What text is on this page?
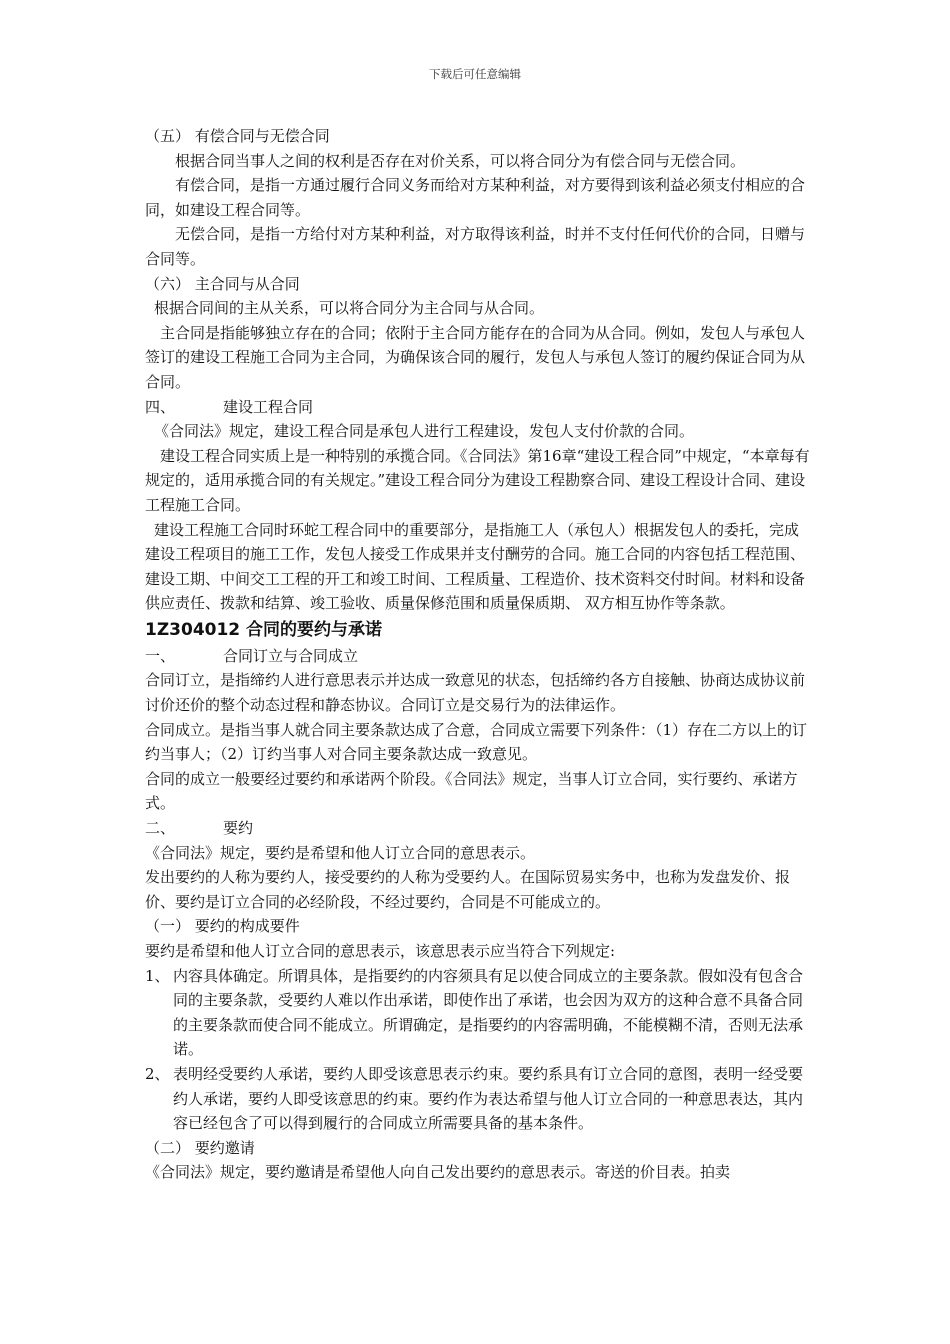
下载后可任意编辑

（五） 有偿合同与无偿合同

根据合同当事人之间的权利是否存在对价关系，可以将合同分为有偿合同与无偿合同。

有偿合同，是指一方通过履行合同义务而给对方某种利益，对方要得到该利益必须支付相应的合同，如建设工程合同等。

无偿合同，是指一方给付对方某种利益，对方取得该利益，时并不支付任何代价的合同，日赠与合同等。

（六） 主合同与从合同

根据合同间的主从关系，可以将合同分为主合同与从合同。

主合同是指能够独立存在的合同；依附于主合同方能存在的合同为从合同。例如，发包人与承包人签订的建设工程施工合同为主合同，为确保该合同的履行，发包人与承包人签订的履约保证合同为从合同。

四、	建设工程合同

《合同法》规定，建设工程合同是承包人进行工程建设，发包人支付价款的合同。

建设工程合同实质上是一种特别的承揽合同。《合同法》第16章“建设工程合同”中规定，“本章每有规定的，适用承揽合同的有关规定。”建设工程合同分为建设工程勘察合同、建设工程设计合同、建设工程施工合同。

建设工程施工合同时环蛇工程合同中的重要部分，是指施工人（承包人）根据发包人的委托，完成建设工程项目的施工工作，发包人接受工作成果并支付酬劳的合同。施工合同的内容包括工程范围、建设工期、中间交工工程的开工和竣工时间、工程质量、工程造价、技术资料交付时间。材料和设备供应责任、拨款和结算、竣工验收、质量保修范围和质量保质期、 双方相互协作等条款。

1Z304012 合同的要约与承诺

一、	合同订立与合同成立

合同订立，是指缔约人进行意思表示并达成一致意见的状态，包括缔约各方自接触、协商达成协议前讨价还价的整个动态过程和静态协议。合同订立是交易行为的法律运作。

合同成立。是指当事人就合同主要条款达成了合意，合同成立需要下列条件：（1）存在二方以上的订约当事人；（2）订约当事人对合同主要条款达成一致意见。

合同的成立一般要经过要约和承诺两个阶段。《合同法》规定，当事人订立合同，实行要约、承诺方式。

二、	要约

《合同法》规定，要约是希望和他人订立合同的意思表示。

发出要约的人称为要约人，接受要约的人称为受要约人。在国际贸易实务中，也称为发盘发价、报价、要约是订立合同的必经阶段，不经过要约，合同是不可能成立的。

（一） 要约的构成要件

要约是希望和他人订立合同的意思表示，该意思表示应当符合下列规定:

1、 内容具体确定。所谓具体，是指要约的内容须具有足以使合同成立的主要条款。假如没有包含合同的主要条款，受要约人难以作出承诺，即使作出了承诺，也会因为双方的这种合意不具备合同的主要条款而使合同不能成立。所谓确定，是指要约的内容需明确，不能模糊不清，否则无法承诺。
2、 表明经受要约人承诺，要约人即受该意思表示约束。要约系具有订立合同的意图，表明一经受要约人承诺，要约人即受该意思的约束。要约作为表达希望与他人订立合同的一种意思表达，其内容已经包含了可以得到履行的合同成立所需要具备的基本条件。

（二） 要约邀请

《合同法》规定，要约邀请是希望他人向自己发出要约的意思表示。寄送的价目表。拍卖
